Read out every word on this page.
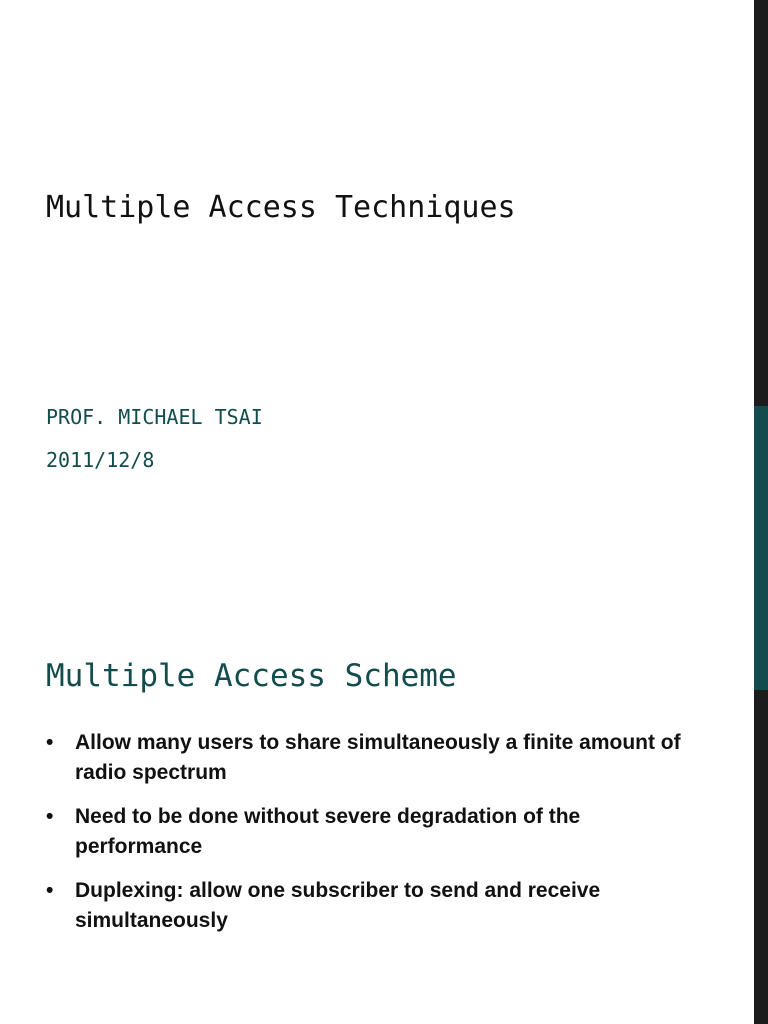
Multiple Access Techniques

PROF. MICHAEL TSAI

2011/12/8

Multiple Access Scheme
• Allow many users to share simultaneously a finite amount of radio spectrum
• Need to be done without severe degradation of the performance
• Duplexing: allow one subscriber to send and receive simultaneously
